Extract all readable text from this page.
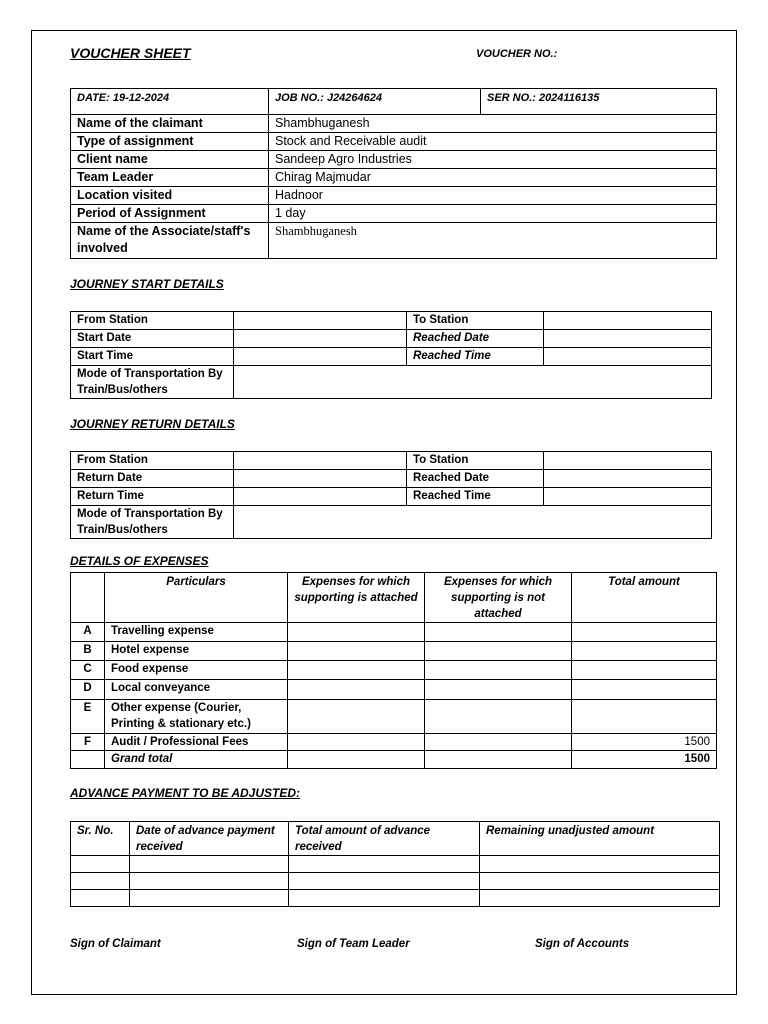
VOUCHER SHEET	VOUCHER NO.:
DATE: 19-12-2024	JOB NO.: J24264624	SER NO.: 2024116135
Name of the claimant	Shambhuganesh	
Type of assignment	Stock and Receivable audit	
Client name	Sandeep Agro Industries	
Team Leader	Chirag Majmudar	
Location visited	Hadnoor	
Period of Assignment	1 day	
Name of the Associate/staff's involved	Shambhuganesh	
JOURNEY START DETAILS
From Station		To Station	
Start Date		Reached Date	
Start Time		Reached Time	
Mode of Transportation By Train/Bus/others			
JOURNEY RETURN DETAILS
From Station		To Station	
Return Date		Reached Date	
Return Time		Reached Time	
Mode of Transportation By Train/Bus/others			
DETAILS OF EXPENSES
	Particulars	Expenses for which supporting is attached	Expenses for which supporting is not attached	Total amount
A	Travelling expense			
B	Hotel expense			
C	Food expense			
D	Local conveyance			
E	Other expense (Courier, Printing & stationary etc.)			
F	Audit / Professional Fees			1500
	Grand total			1500
ADVANCE PAYMENT TO BE ADJUSTED:
Sr. No.	Date of advance payment received	Total amount of advance received	Remaining unadjusted amount

Sign of Claimant	Sign of Team Leader	Sign of Accounts
